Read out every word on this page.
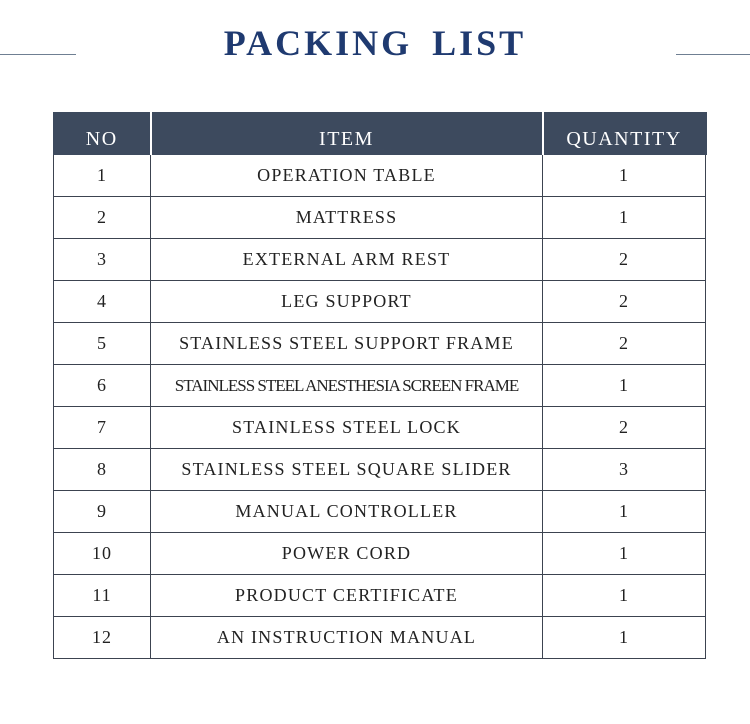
PACKING LIST
NO	ITEM	QUANTITY
1	OPERATION TABLE	1
2	MATTRESS	1
3	EXTERNAL ARM REST	2
4	LEG SUPPORT	2
5	STAINLESS STEEL SUPPORT FRAME	2
6	STAINLESS STEEL ANESTHESIA SCREEN FRAME	1
7	STAINLESS STEEL LOCK	2
8	STAINLESS STEEL SQUARE SLIDER	3
9	MANUAL CONTROLLER	1
10	POWER CORD	1
11	PRODUCT CERTIFICATE	1
12	AN INSTRUCTION MANUAL	1
